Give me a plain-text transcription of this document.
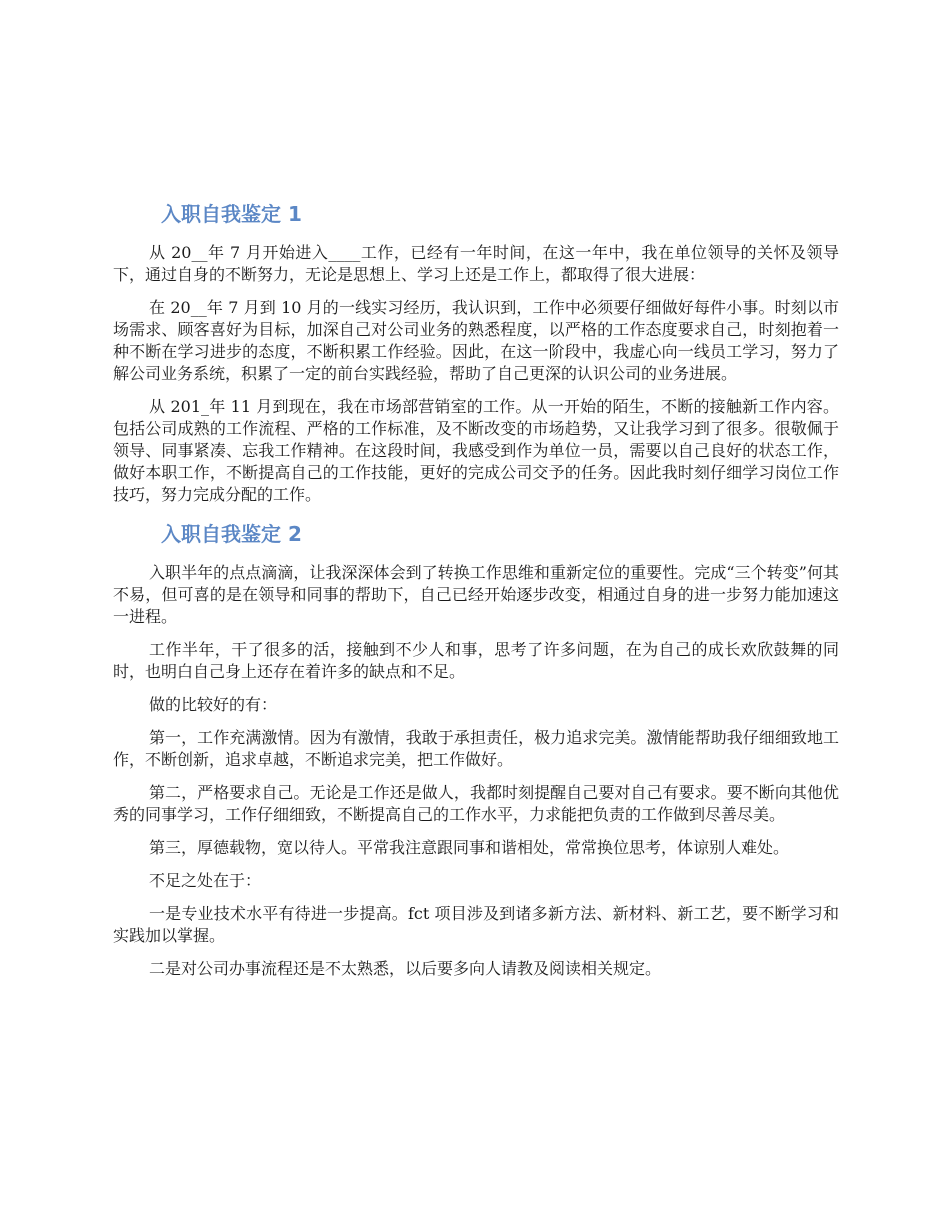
入职自我鉴定 1

从 20__年 7 月开始进入____工作，已经有一年时间，在这一年中，我在单位领导的关怀及领导下，通过自身的不断努力，无论是思想上、学习上还是工作上，都取得了很大进展：

在 20__年 7 月到 10 月的一线实习经历，我认识到，工作中必须要仔细做好每件小事。时刻以市场需求、顾客喜好为目标，加深自己对公司业务的熟悉程度，以严格的工作态度要求自己，时刻抱着一种不断在学习进步的态度，不断积累工作经验。因此，在这一阶段中，我虚心向一线员工学习，努力了解公司业务系统，积累了一定的前台实践经验，帮助了自己更深的认识公司的业务进展。

从 201_年 11 月到现在，我在市场部营销室的工作。从一开始的陌生，不断的接触新工作内容。包括公司成熟的工作流程、严格的工作标准，及不断改变的市场趋势，又让我学习到了很多。很敬佩于领导、同事紧凑、忘我工作精神。在这段时间，我感受到作为单位一员，需要以自己良好的状态工作，做好本职工作，不断提高自己的工作技能，更好的完成公司交予的任务。因此我时刻仔细学习岗位工作技巧，努力完成分配的工作。

入职自我鉴定 2

入职半年的点点滴滴，让我深深体会到了转换工作思维和重新定位的重要性。完成“三个转变”何其不易，但可喜的是在领导和同事的帮助下，自己已经开始逐步改变，相通过自身的进一步努力能加速这一进程。

工作半年，干了很多的活，接触到不少人和事，思考了许多问题，在为自己的成长欢欣鼓舞的同时，也明白自己身上还存在着许多的缺点和不足。

做的比较好的有：

第一，工作充满激情。因为有激情，我敢于承担责任，极力追求完美。激情能帮助我仔细细致地工作，不断创新，追求卓越，不断追求完美，把工作做好。

第二，严格要求自己。无论是工作还是做人，我都时刻提醒自己要对自己有要求。要不断向其他优秀的同事学习，工作仔细细致，不断提高自己的工作水平，力求能把负责的工作做到尽善尽美。

第三，厚德载物，宽以待人。平常我注意跟同事和谐相处，常常换位思考，体谅别人难处。

不足之处在于：

一是专业技术水平有待进一步提高。fct 项目涉及到诸多新方法、新材料、新工艺，要不断学习和实践加以掌握。

二是对公司办事流程还是不太熟悉，以后要多向人请教及阅读相关规定。
